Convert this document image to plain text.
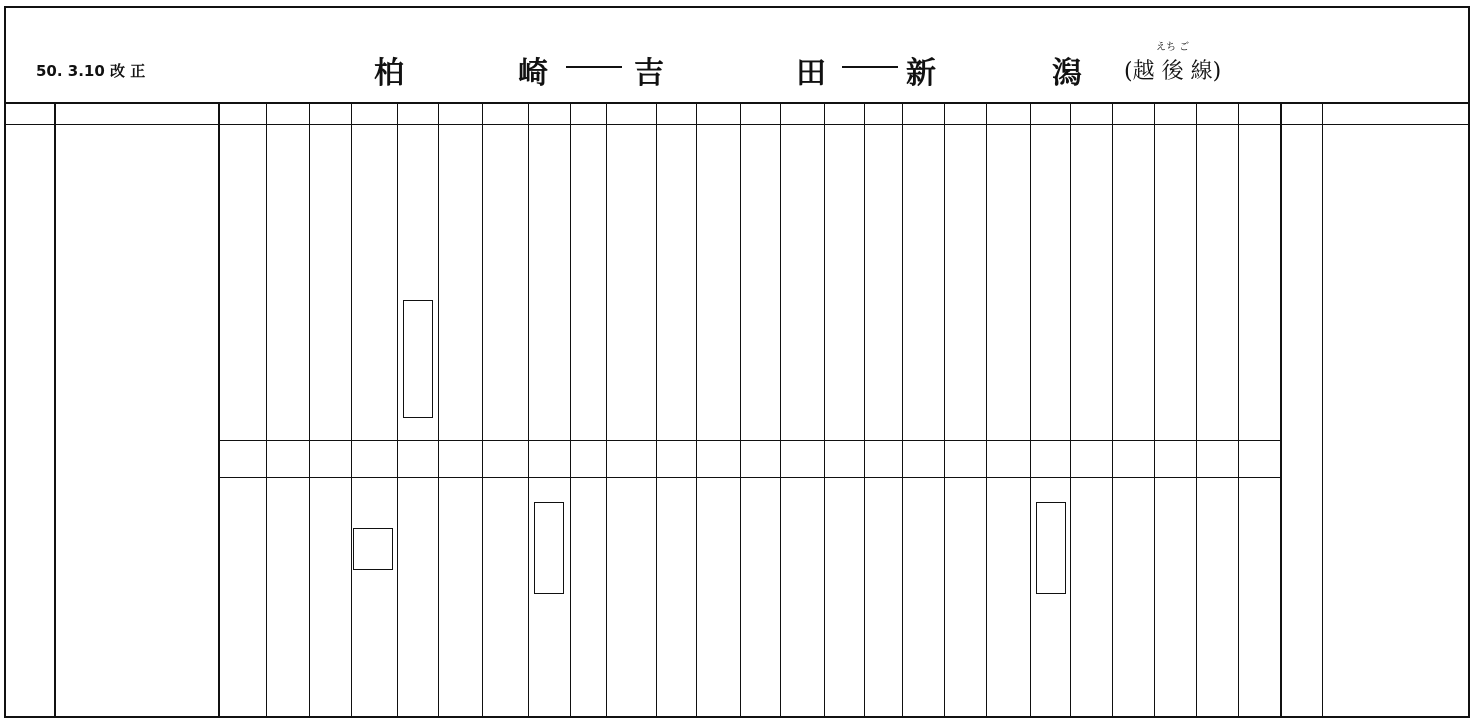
50. 3.10 改 正	柏	崎	吉	田	新	潟
えち ご
(越 後 線)
